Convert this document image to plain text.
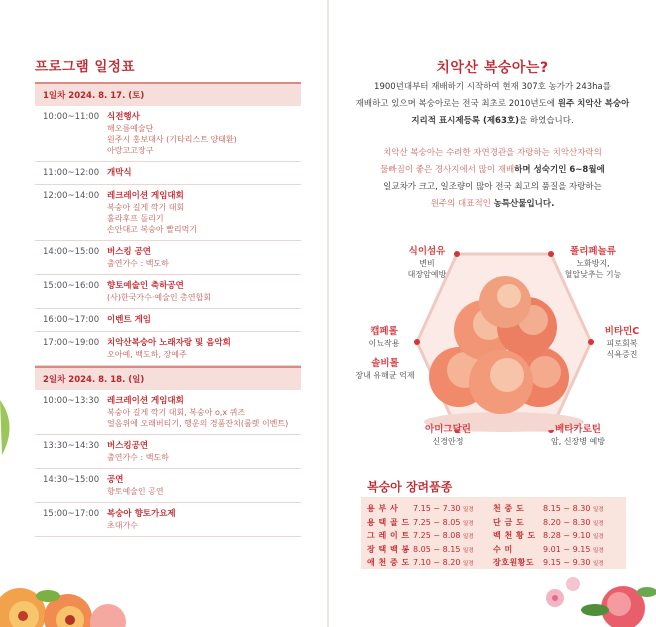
프로그램 일정표
1일차 2024. 8. 17. (토)
10:00~11:00 식전행사
해오름예술단
원주시 홍보대사 (기타리스트 양태환)
아랑고고장구
11:00~12:00 개막식
12:00~14:00 레크레이션 게임대회
복숭아 길게 깍기 대회
훌라후프 돌리기
손안대고 복숭아 빨리먹기
14:00~15:00 버스킹 공연
출연가수 : 백도하
15:00~16:00 향토예술인 축하공연
(사)한국가수·예술인 총연합회
16:00~17:00 이벤트 게임
17:00~19:00 치악산복숭아 노래자랑 및 음악회
오아예, 백도하, 장예주
2일차 2024. 8. 18. (일)
10:00~13:30 레크레이션 게임대회
복숭아 길게 깍기 대회, 복숭아 o,x 퀴즈
얼음위에 오래버티기, 행운의 경품잔치(룰렛 이벤트)
13:30~14:30 버스킹공연
출연가수 : 백도하
14:30~15:00 공연
향토예술인 공연
15:00~17:00 복숭아 향토가요제
초대가수
치악산 복숭아는?
1900년대부터 재배하기 시작하여 현재 307호 농가가 243ha를
재배하고 있으며 복숭아로는 전국 최초로 2010년도에 원주 치악산 복숭아
지리적 표시제등록 (제63호)을 하였습니다.
치악산 복숭아는 수려한 자연경관을 자랑하는 치악산자락의
물빠짐이 좋은 경사지에서 많이 재배하며 성숙기인 6~8월에
일교차가 크고, 일조량이 많아 전국 최고의 품질을 자랑하는
원주의 대표적인 농특산물입니다.
식이섬유
변비
대장암예방
폴리페놀류
노화방지,
혈압낮추는 기능
비타민C
피로회복
식욕증진
베타카로틴
암, 신장병 예방
아미그달린
신경안정
솔비톨
장내 유해균 억제
캡페롤
이뇨작용
복숭아 장려품종
용 부 사	7.15 ~ 7.30 일경	천 중 도	8.15 ~ 8.30 일경
용 택 골 드 7.25 ~ 8.05 일경	단 금 도	8.20 ~ 8.30 일경
그 레 이 트 7.25 ~ 8.08 일경	백 천 황 도 8.28 ~ 9.10 일경
장 택 백 봉 8.05 ~ 8.15 일경	수 미	9.01 ~ 9.15 일경
애 천 중 도 7.10 ~ 8.20 일경	장호원황도	9.15 ~ 9.30 일경
